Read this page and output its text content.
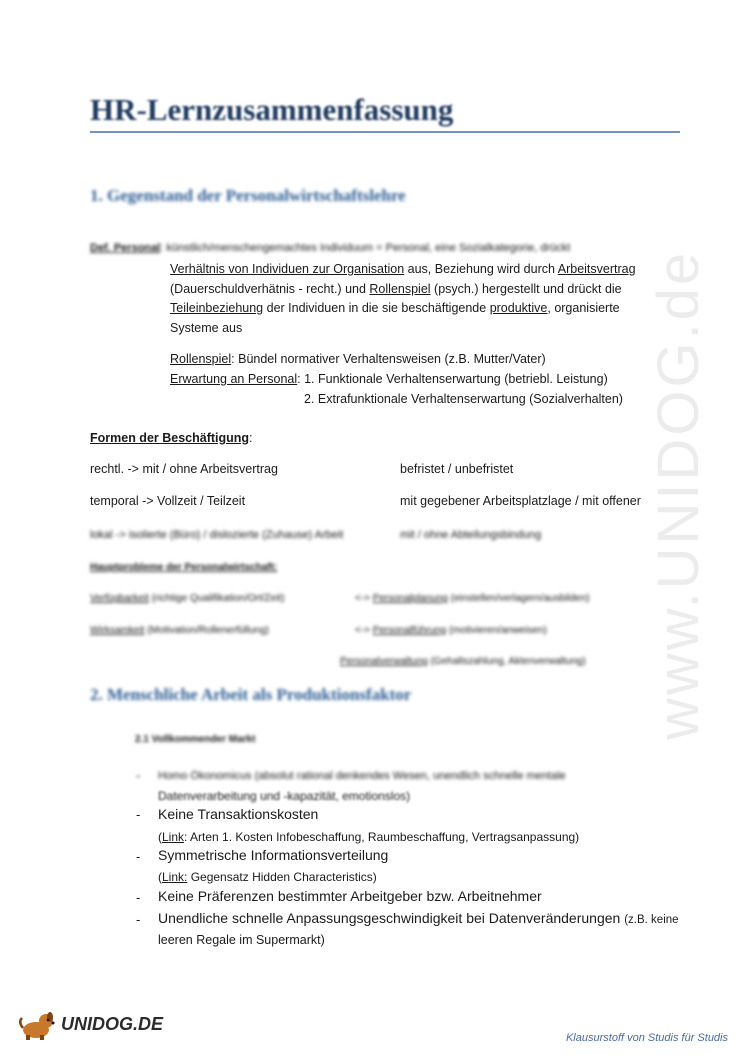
www.UNIDOG.de
HR-Lernzusammenfassung
1. Gegenstand der Personalwirtschaftslehre
Def. Personal: künstlich/menschengemachtes Individuum = Personal, eine Sozialkategorie, drückt
Verhältnis von Individuen zur Organisation aus, Beziehung wird durch Arbeitsvertrag
(Dauerschuldverhätnis - recht.) und Rollenspiel (psych.) hergestellt und drückt die
Teileinbeziehung der Individuen in die sie beschäftigende produktive, organisierte
Systeme aus
Rollenspiel: Bündel normativer Verhaltensweisen (z.B. Mutter/Vater)
Erwartung an Personal: 1. Funktionale Verhaltenserwartung (betriebl. Leistung)
2. Extrafunktionale Verhaltenserwartung (Sozialverhalten)
Formen der Beschäftigung:
rechtl. -> mit / ohne Arbeitsvertrag	befristet / unbefristet
temporal -> Vollzeit / Teilzeit	mit gegebener Arbeitsplatzlage / mit offener
lokal -> isolierte (Büro) / dislozierte (Zuhause) Arbeit	mit / ohne Abteilungsbindung
Hauptprobleme der Personalwirtschaft:
Verfügbarkeit (richtige Qualifikation/Ort/Zeit)	<-> Personalplanung (einstellen/verlagern/ausbilden)
Wirksamkeit (Motivation/Rollenerfüllung)	<-> Personalführung (motivieren/anweisen)
Personalverwaltung (Gehaltszahlung, Aktenverwaltung)
2. Menschliche Arbeit als Produktionsfaktor
2.1 Vollkommender Markt
- Homo Ökonomicus (absolut rational denkendes Wesen, unendlich schnelle mentale
Datenverarbeitung und -kapazität, emotionslos)
- Keine Transaktionskosten
(Link: Arten 1. Kosten Infobeschaffung, Raumbeschaffung, Vertragsanpassung)
- Symmetrische Informationsverteilung
(Link: Gegensatz Hidden Characteristics)
- Keine Präferenzen bestimmter Arbeitgeber bzw. Arbeitnehmer
- Unendliche schnelle Anpassungsgeschwindigkeit bei Datenveränderungen (z.B. keine
leeren Regale im Supermarkt)
UNIDOG.DE
Klausurstoff von Studis für Studis
